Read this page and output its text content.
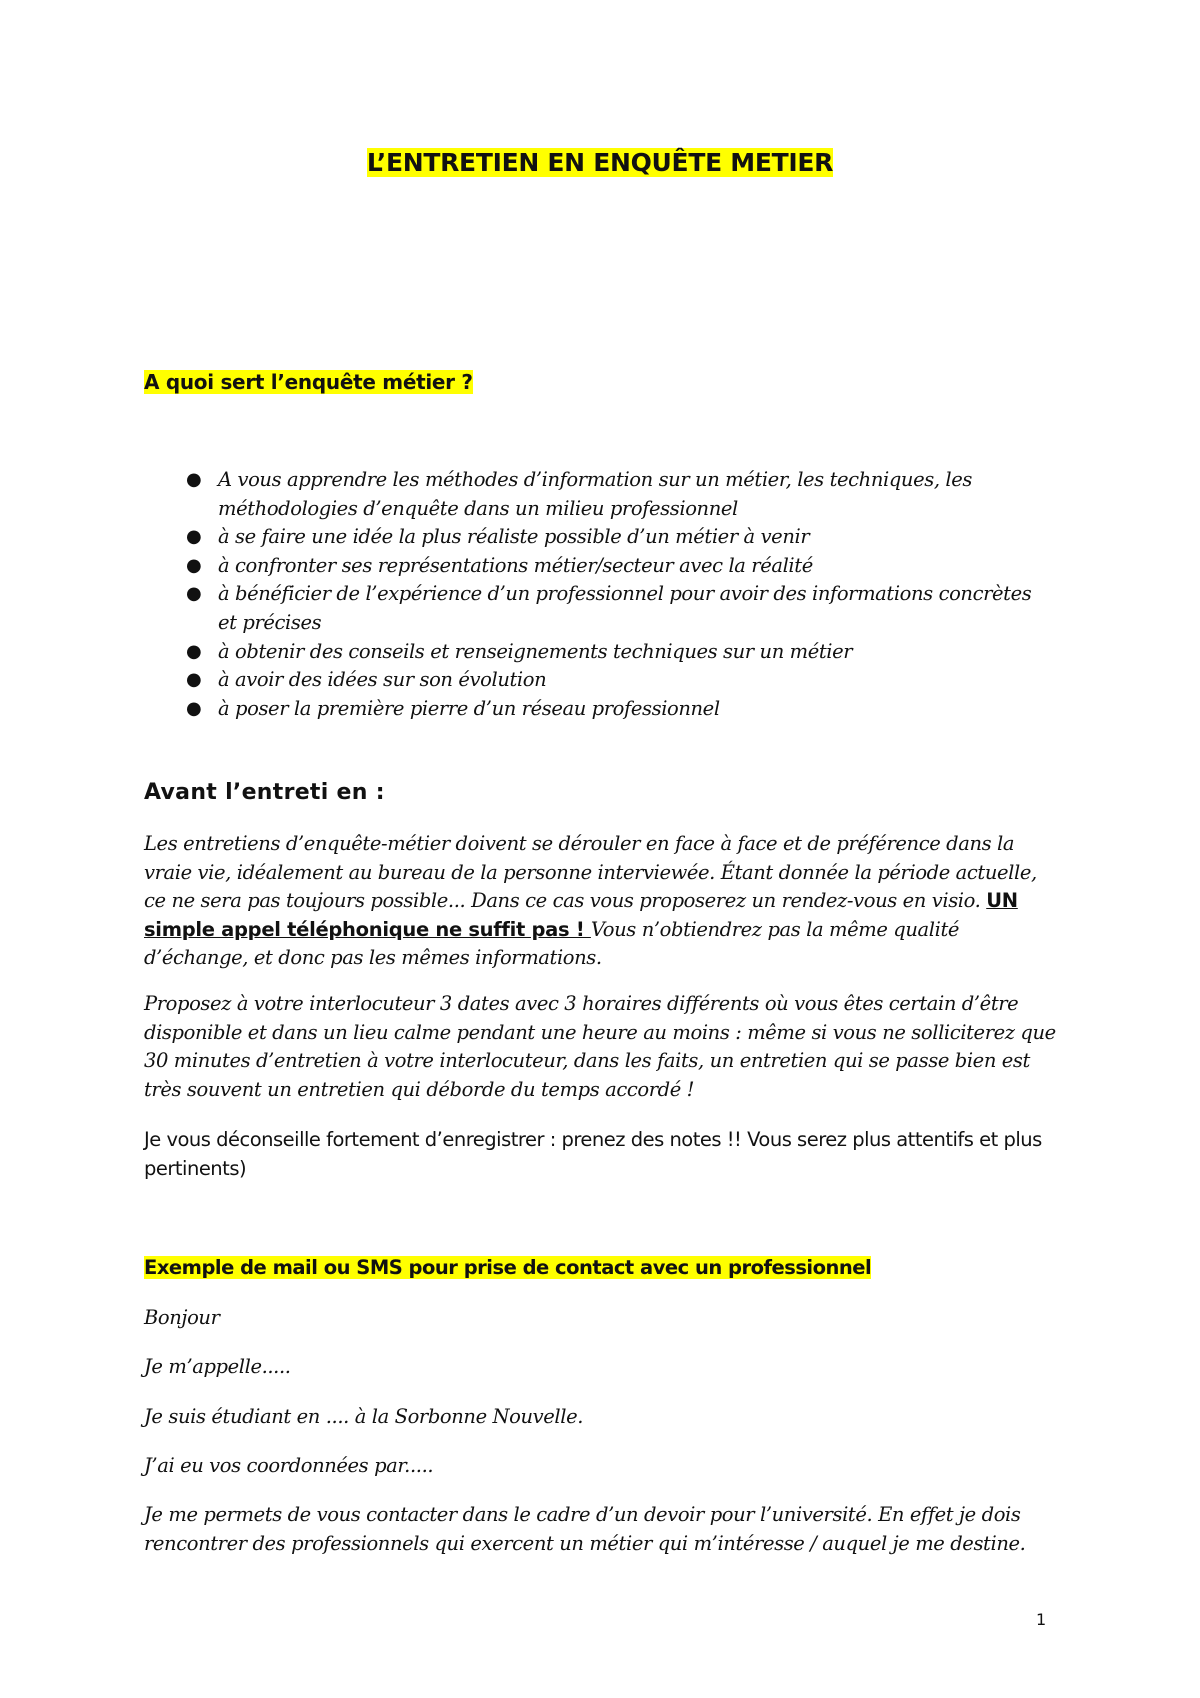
L’ENTRETIEN EN ENQUÊTE METIER
A quoi sert l’enquête métier ?
● A vous apprendre les méthodes d’information sur un métier, les techniques, les méthodologies d’enquête dans un milieu professionnel
● à se faire une idée la plus réaliste possible d’un métier à venir
● à confronter ses représentations métier/secteur avec la réalité
● à bénéficier de l’expérience d’un professionnel pour avoir des informations concrètes et précises
● à obtenir des conseils et renseignements techniques sur un métier
● à avoir des idées sur son évolution
● à poser la première pierre d’un réseau professionnel
Avant l’entreti en :

Les entretiens d’enquête-métier doivent se dérouler en face à face et de préférence dans la vraie vie, idéalement au bureau de la personne interviewée. Étant donnée la période actuelle, ce ne sera pas toujours possible... Dans ce cas vous proposerez un rendez-vous en visio. UN simple appel téléphonique ne suffit pas ! Vous n’obtiendrez pas la même qualité d’échange, et donc pas les mêmes informations.

Proposez à votre interlocuteur 3 dates avec 3 horaires différents où vous êtes certain d’être disponible et dans un lieu calme pendant une heure au moins : même si vous ne solliciterez que 30 minutes d’entretien à votre interlocuteur, dans les faits, un entretien qui se passe bien est très souvent un entretien qui déborde du temps accordé !

Je vous déconseille fortement d’enregistrer : prenez des notes !! Vous serez plus attentifs et plus pertinents)

Exemple de mail ou SMS pour prise de contact avec un professionnel

Bonjour

Je m’appelle.....

Je suis étudiant en .... à la Sorbonne Nouvelle.

J’ai eu vos coordonnées par.....

Je me permets de vous contacter dans le cadre d’un devoir pour l’université. En effet je dois rencontrer des professionnels qui exercent un métier qui m’intéresse / auquel je me destine.

1
